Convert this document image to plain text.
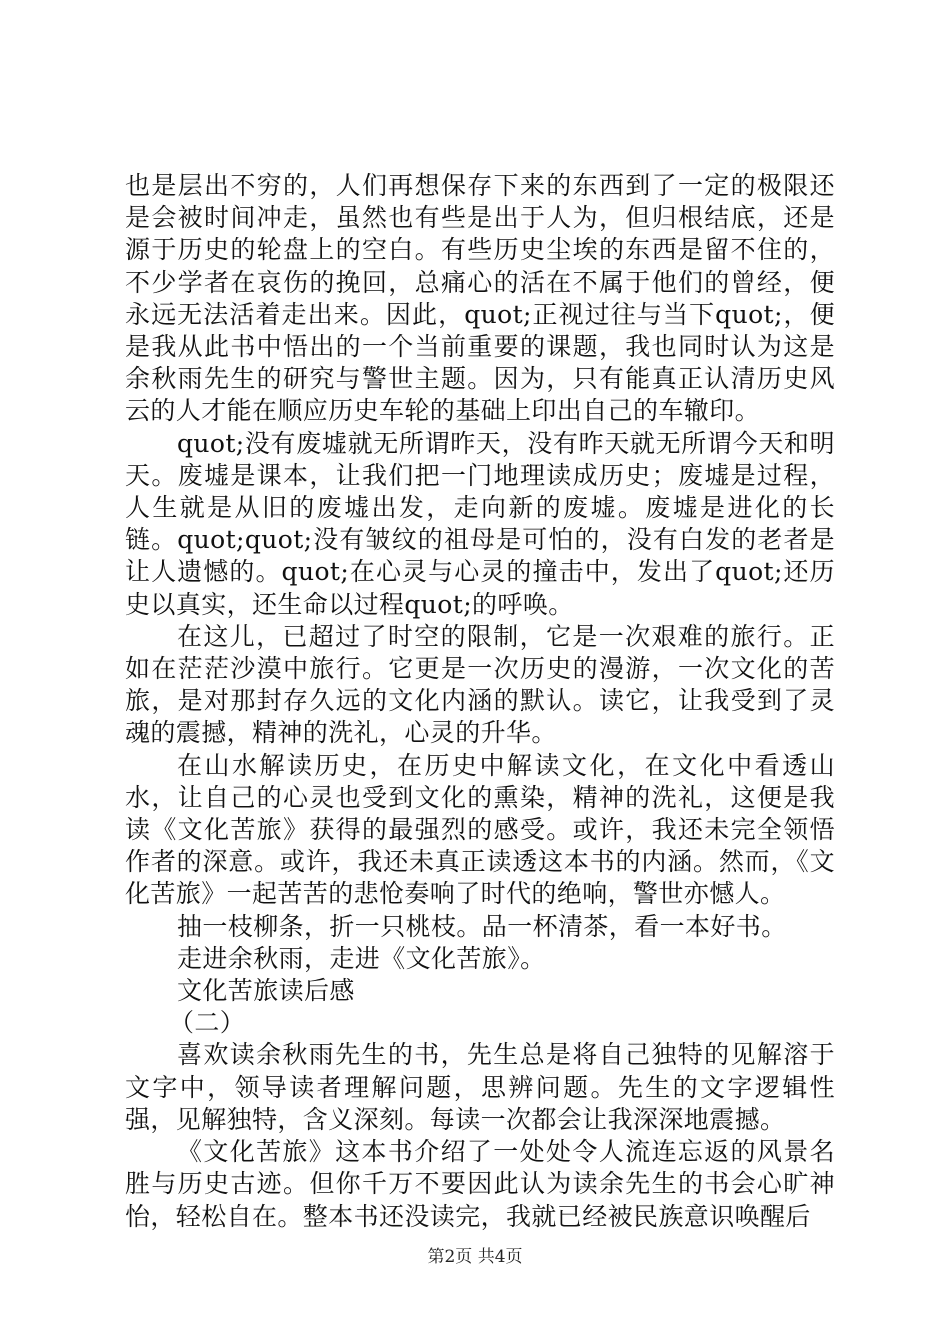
也是层出不穷的，人们再想保存下来的东西到了一定的极限还是会被时间冲走，虽然也有些是出于人为，但归根结底，还是源于历史的轮盘上的空白。有些历史尘埃的东西是留不住的，不少学者在哀伤的挽回，总痛心的活在不属于他们的曾经，便永远无法活着走出来。因此，quot;正视过往与当下quot;，便是我从此书中悟出的一个当前重要的课题，我也同时认为这是余秋雨先生的研究与警世主题。因为，只有能真正认清历史风云的人才能在顺应历史车轮的基础上印出自己的车辙印。

quot;没有废墟就无所谓昨天，没有昨天就无所谓今天和明天。废墟是课本，让我们把一门地理读成历史；废墟是过程，人生就是从旧的废墟出发，走向新的废墟。废墟是进化的长链。quot;quot;没有皱纹的祖母是可怕的，没有白发的老者是让人遗憾的。quot;在心灵与心灵的撞击中，发出了quot;还历史以真实，还生命以过程quot;的呼唤。

在这儿，已超过了时空的限制，它是一次艰难的旅行。正如在茫茫沙漠中旅行。它更是一次历史的漫游，一次文化的苦旅，是对那封存久远的文化内涵的默认。读它，让我受到了灵魂的震撼，精神的洗礼，心灵的升华。

在山水解读历史，在历史中解读文化，在文化中看透山水，让自己的心灵也受到文化的熏染，精神的洗礼，这便是我读《文化苦旅》获得的最强烈的感受。或许，我还未完全领悟作者的深意。或许，我还未真正读透这本书的内涵。然而，《文化苦旅》一起苦苦的悲怆奏响了时代的绝响，警世亦憾人。

抽一枝柳条，折一只桃枝。品一杯清茶，看一本好书。

走进余秋雨，走进《文化苦旅》。

文化苦旅读后感

（二）

喜欢读余秋雨先生的书，先生总是将自己独特的见解溶于文字中，领导读者理解问题，思辨问题。先生的文字逻辑性强，见解独特，含义深刻。每读一次都会让我深深地震撼。

《文化苦旅》这本书介绍了一处处令人流连忘返的风景名胜与历史古迹。但你千万不要因此认为读余先生的书会心旷神怡，轻松自在。整本书还没读完，我就已经被民族意识唤醒后

第2页 共4页
